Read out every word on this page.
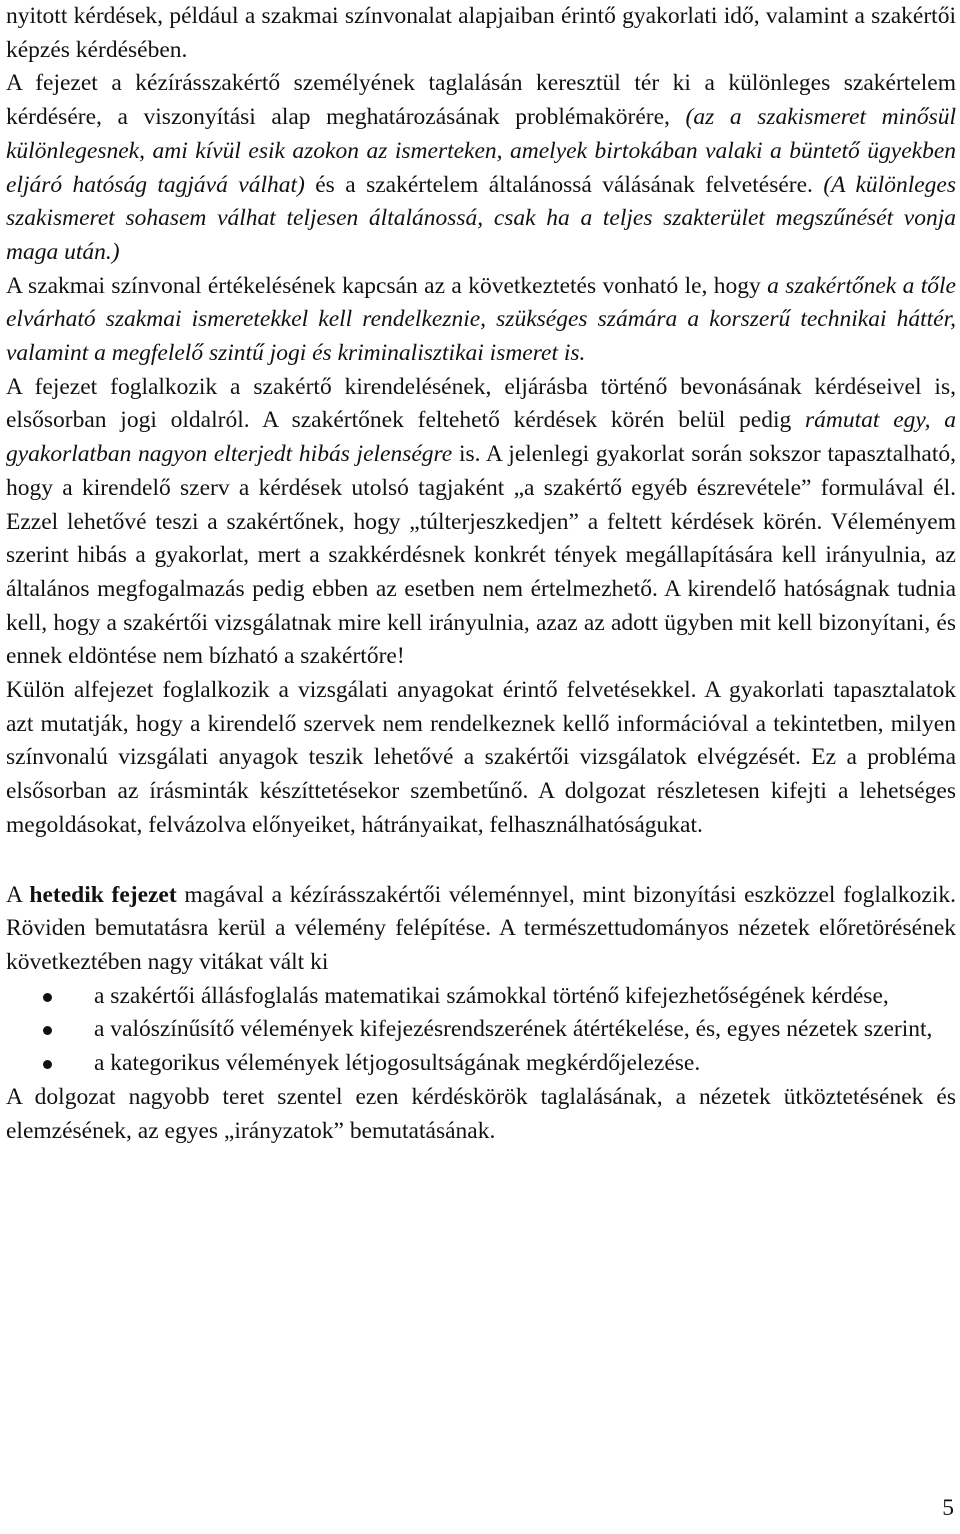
nyitott kérdések, például a szakmai színvonalat alapjaiban érintő gyakorlati idő, valamint a szakértői képzés kérdésében.

A fejezet a kézírásszakértő személyének taglalásán keresztül tér ki a különleges szakértelem kérdésére, a viszonyítási alap meghatározásának problémakörére, (az a szakismeret minősül különlegesnek, ami kívül esik azokon az ismerteken, amelyek birtokában valaki a büntető ügyekben eljáró hatóság tagjává válhat) és a szakértelem általánossá válásának felvetésére. (A különleges szakismeret sohasem válhat teljesen általánossá, csak ha a teljes szakterület megszűnését vonja maga után.)

A szakmai színvonal értékelésének kapcsán az a következtetés vonható le, hogy a szakértőnek a tőle elvárható szakmai ismeretekkel kell rendelkeznie, szükséges számára a korszerű technikai háttér, valamint a megfelelő szintű jogi és kriminalisztikai ismeret is.

A fejezet foglalkozik a szakértő kirendelésének, eljárásba történő bevonásának kérdéseivel is, elsősorban jogi oldalról. A szakértőnek feltehető kérdések körén belül pedig rámutat egy, a gyakorlatban nagyon elterjedt hibás jelenségre is. A jelenlegi gyakorlat során sokszor tapasztalható, hogy a kirendelő szerv a kérdések utolsó tagjaként „a szakértő egyéb észrevétele” formulával él. Ezzel lehetővé teszi a szakértőnek, hogy „túlterjeszkedjen” a feltett kérdések körén. Véleményem szerint hibás a gyakorlat, mert a szakkérdésnek konkrét tények megállapítására kell irányulnia, az általános megfogalmazás pedig ebben az esetben nem értelmezhető. A kirendelő hatóságnak tudnia kell, hogy a szakértői vizsgálatnak mire kell irányulnia, azaz az adott ügyben mit kell bizonyítani, és ennek eldöntése nem bízható a szakértőre!

Külön alfejezet foglalkozik a vizsgálati anyagokat érintő felvetésekkel. A gyakorlati tapasztalatok azt mutatják, hogy a kirendelő szervek nem rendelkeznek kellő információval a tekintetben, milyen színvonalú vizsgálati anyagok teszik lehetővé a szakértői vizsgálatok elvégzését. Ez a probléma elsősorban az írásminták készíttetésekor szembetűnő. A dolgozat részletesen kifejti a lehetséges megoldásokat, felvázolva előnyeiket, hátrányaikat, felhasználhatóságukat.

A hetedik fejezet magával a kézírásszakértői véleménnyel, mint bizonyítási eszközzel foglalkozik. Röviden bemutatásra kerül a vélemény felépítése. A természettudományos nézetek előretörésének következtében nagy vitákat vált ki

a szakértői állásfoglalás matematikai számokkal történő kifejezhetőségének kérdése,
a valószínűsítő vélemények kifejezésrendszerének átértékelése, és, egyes nézetek szerint,
a kategorikus vélemények létjogosultságának megkérdőjelezése.

A dolgozat nagyobb teret szentel ezen kérdéskörök taglalásának, a nézetek ütköztetésének és elemzésének, az egyes „irányzatok” bemutatásának.

5
